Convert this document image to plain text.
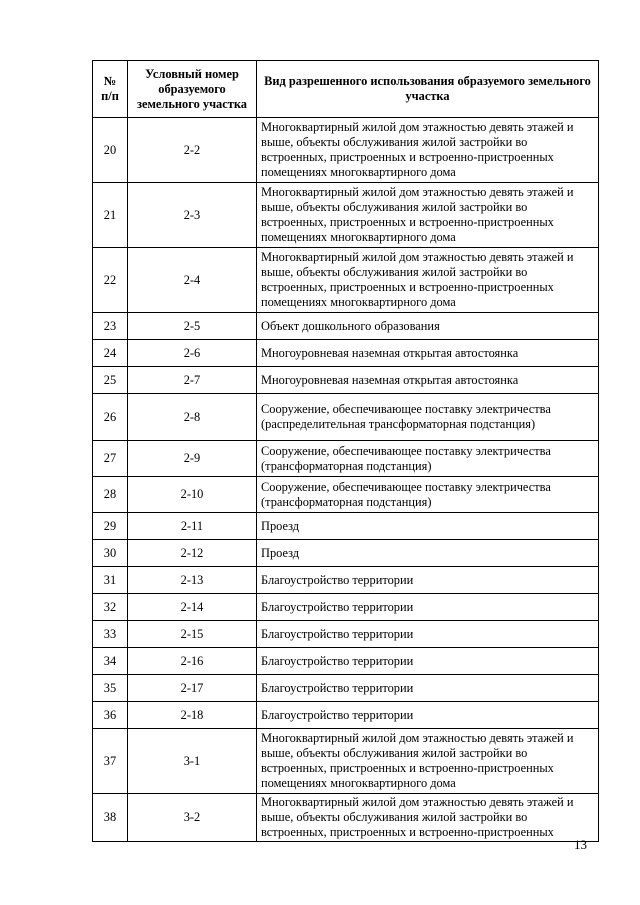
№
п/п	Условный номер образуемого земельного участка	Вид разрешенного использования образуемого земельного участка
20	2-2	Многоквартирный жилой дом этажностью девять этажей и выше, объекты обслуживания жилой застройки во встроенных, пристроенных и встроенно-пристроенных помещениях многоквартирного дома
21	2-3	Многоквартирный жилой дом этажностью девять этажей и выше, объекты обслуживания жилой застройки во встроенных, пристроенных и встроенно-пристроенных помещениях многоквартирного дома
22	2-4	Многоквартирный жилой дом этажностью девять этажей и выше, объекты обслуживания жилой застройки во встроенных, пристроенных и встроенно-пристроенных помещениях многоквартирного дома
23	2-5	Объект дошкольного образования
24	2-6	Многоуровневая наземная открытая автостоянка
25	2-7	Многоуровневая наземная открытая автостоянка
26	2-8	Сооружение, обеспечивающее поставку электричества (распределительная трансформаторная подстанция)
27	2-9	Сооружение, обеспечивающее поставку электричества (трансформаторная подстанция)
28	2-10	Сооружение, обеспечивающее поставку электричества (трансформаторная подстанция)
29	2-11	Проезд
30	2-12	Проезд
31	2-13	Благоустройство территории
32	2-14	Благоустройство территории
33	2-15	Благоустройство территории
34	2-16	Благоустройство территории
35	2-17	Благоустройство территории
36	2-18	Благоустройство территории
37	3-1	Многоквартирный жилой дом этажностью девять этажей и выше, объекты обслуживания жилой застройки во встроенных, пристроенных и встроенно-пристроенных помещениях многоквартирного дома
38	3-2	Многоквартирный жилой дом этажностью девять этажей и выше, объекты обслуживания жилой застройки во встроенных, пристроенных и встроенно-пристроенных
13
